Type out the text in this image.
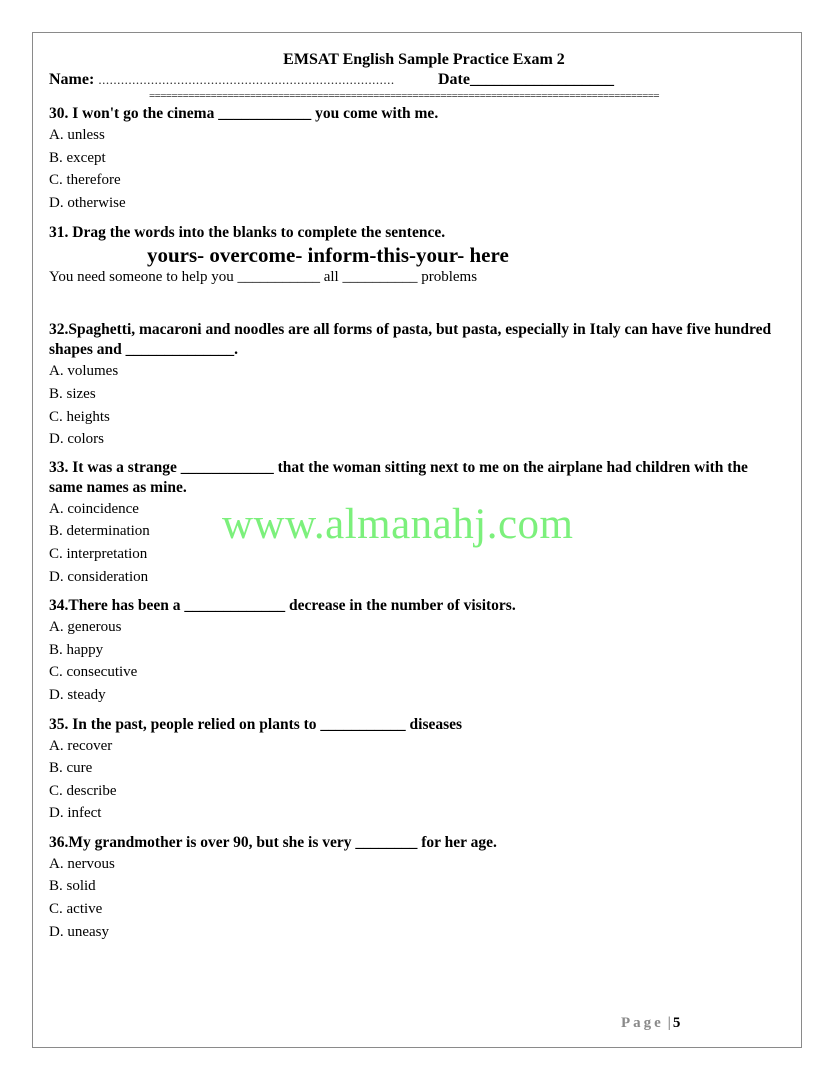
EMSAT English Sample Practice Exam 2
Name: ...............................................................................	Date__________________
===========================================================================================
30. I won't go the cinema ____________ you come with me.
A. unless
B. except
C. therefore
D. otherwise
31. Drag the words into the blanks to complete the sentence.
yours- overcome- inform-this-your- here
You need someone to help you ___________ all __________ problems
32.Spaghetti, macaroni and noodles are all forms of pasta, but pasta, especially in Italy can have five hundred shapes and ______________.
A. volumes
B. sizes
C. heights
D. colors
33. It was a strange ____________ that the woman sitting next to me on the airplane had children with the same names as mine.
A. coincidence
B. determination
C. interpretation
D. consideration
34.There has been a _____________ decrease in the number of visitors.
A. generous
B. happy
C. consecutive
D. steady
35. In the past, people relied on plants to ___________ diseases
A. recover
B. cure
C. describe
D. infect
36.My grandmother is over 90, but she is very ________ for her age.
A. nervous
B. solid
C. active
D. uneasy
www.almanahj.com
Page | 5
